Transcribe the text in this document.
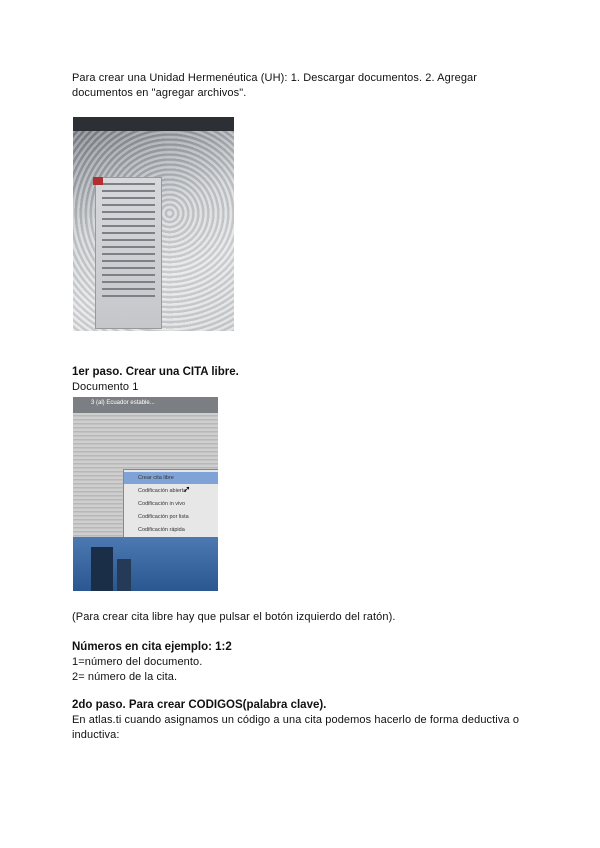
Para crear una Unidad Hermenéutica (UH): 1. Descargar documentos. 2. Agregar
documentos en "agregar archivos".
1er paso. Crear una CITA libre.
Documento 1
3 (al) Ecuador estable...
Crear cita libre
Codificación abierta
Codificación in vivo
Codificación por lista
Codificación rápida
➚
(Para crear cita libre hay que pulsar el botón izquierdo del ratón).
Números en cita ejemplo: 1:2
1=número del documento.
2= número de la cita.
2do paso. Para crear CODIGOS(palabra clave).
En atlas.ti cuando asignamos un código a una cita podemos hacerlo de forma deductiva o
inductiva:
